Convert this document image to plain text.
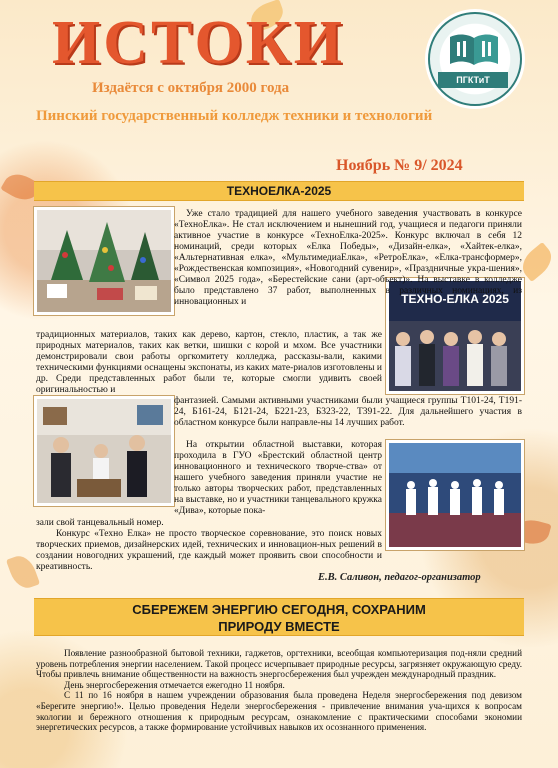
ИСТОКИ
Издаётся с октября 2000 года
Пинский государственный колледж техники и технологий
ПГКТиТ
Ноябрь № 9/ 2024
ТЕХНОЕЛКА-2025
ТЕХНО-ЕЛКА 2025

Уже стало традицией для нашего учебного заведения участвовать в конкурсе «ТехноЕлка». Не стал исключением и нынешний год, учащиеся и педагоги приняли активное участие в конкурсе «ТехноЕлка-2025». Конкурс включал в себя 12 номинаций, среди которых «Елка Победы», «Дизайн-елка», «Хайтек-елка», «Альтернативная елка», «МультимедиаЕлка», «РетроЕлка», «Елка-трансформер», «Рождественская композиция», «Новогодний сувенир», «Праздничные укра-шения», «Символ 2025 года», «Берестейские сани (арт-объект)». На выставке в колледже было представлено 37 работ, выполненных в различных номинациях, из инновационных и

традиционных материалов, таких как дерево, картон, стекло, пластик, а так же природных материалов, таких как ветки, шишки с корой и мхом. Все участники демонстрировали свои работы оргкомитету колледжа, рассказы-вали, какими техническими функциями оснащены экспонаты, из каких мате-риалов изготовлены и др. Среди представленных работ были те, которые смогли удивить своей оригинальностью и

фантазией. Самыми активными участниками были учащиеся группы Т101-24, Т191-24, Б161-24, Б121-24, Б221-23, Б323-22, Т391-22. Для дальнейшего участия в областном конкурсе были направле-ны 14 лучших работ.

На открытии областной выставки, которая проходила в ГУО «Брестский областной центр инновационного и технического творче-ства» от нашего учебного заведения приняли участие не только авторы творческих работ, представленных на выставке, но и участники танцевального кружка «Дива», которые пока-

зали свой танцевальный номер.

Конкурс «Техно Елка» не просто творческое соревнование, это поиск новых творческих приемов, дизайнерских идей, технических и инновацион-ных решений в создании новогодних украшений, где каждый может проявить свои способности и креативность.

Е.В. Саливон, педагог-организатор
СБЕРЕЖЕМ ЭНЕРГИЮ СЕГОДНЯ, СОХРАНИМ
ПРИРОДУ ВМЕСТЕ

Появление разнообразной бытовой техники, гаджетов, оргтехники, всеобщая компьютеризация под-няли средний уровень потребления энергии населением. Такой процесс исчерпывает природные ресурсы, загрязняет окружающую среду. Чтобы привлечь внимание общественности на важность энергосбережения был учрежден международный праздник.

День энергосбережения отмечается ежегодно 11 ноября.

С 11 по 16 ноября в нашем учреждении образования была проведена Неделя энергосбережения под девизом «Берегите энергию!». Целью проведения Недели энергосбережения - привлечение внимания уча-щихся к вопросам экологии и бережного отношения к природным ресурсам, ознакомление с практическими способами экономии энергетических ресурсов, а также формирование устойчивых навыков их осознанного применения.
